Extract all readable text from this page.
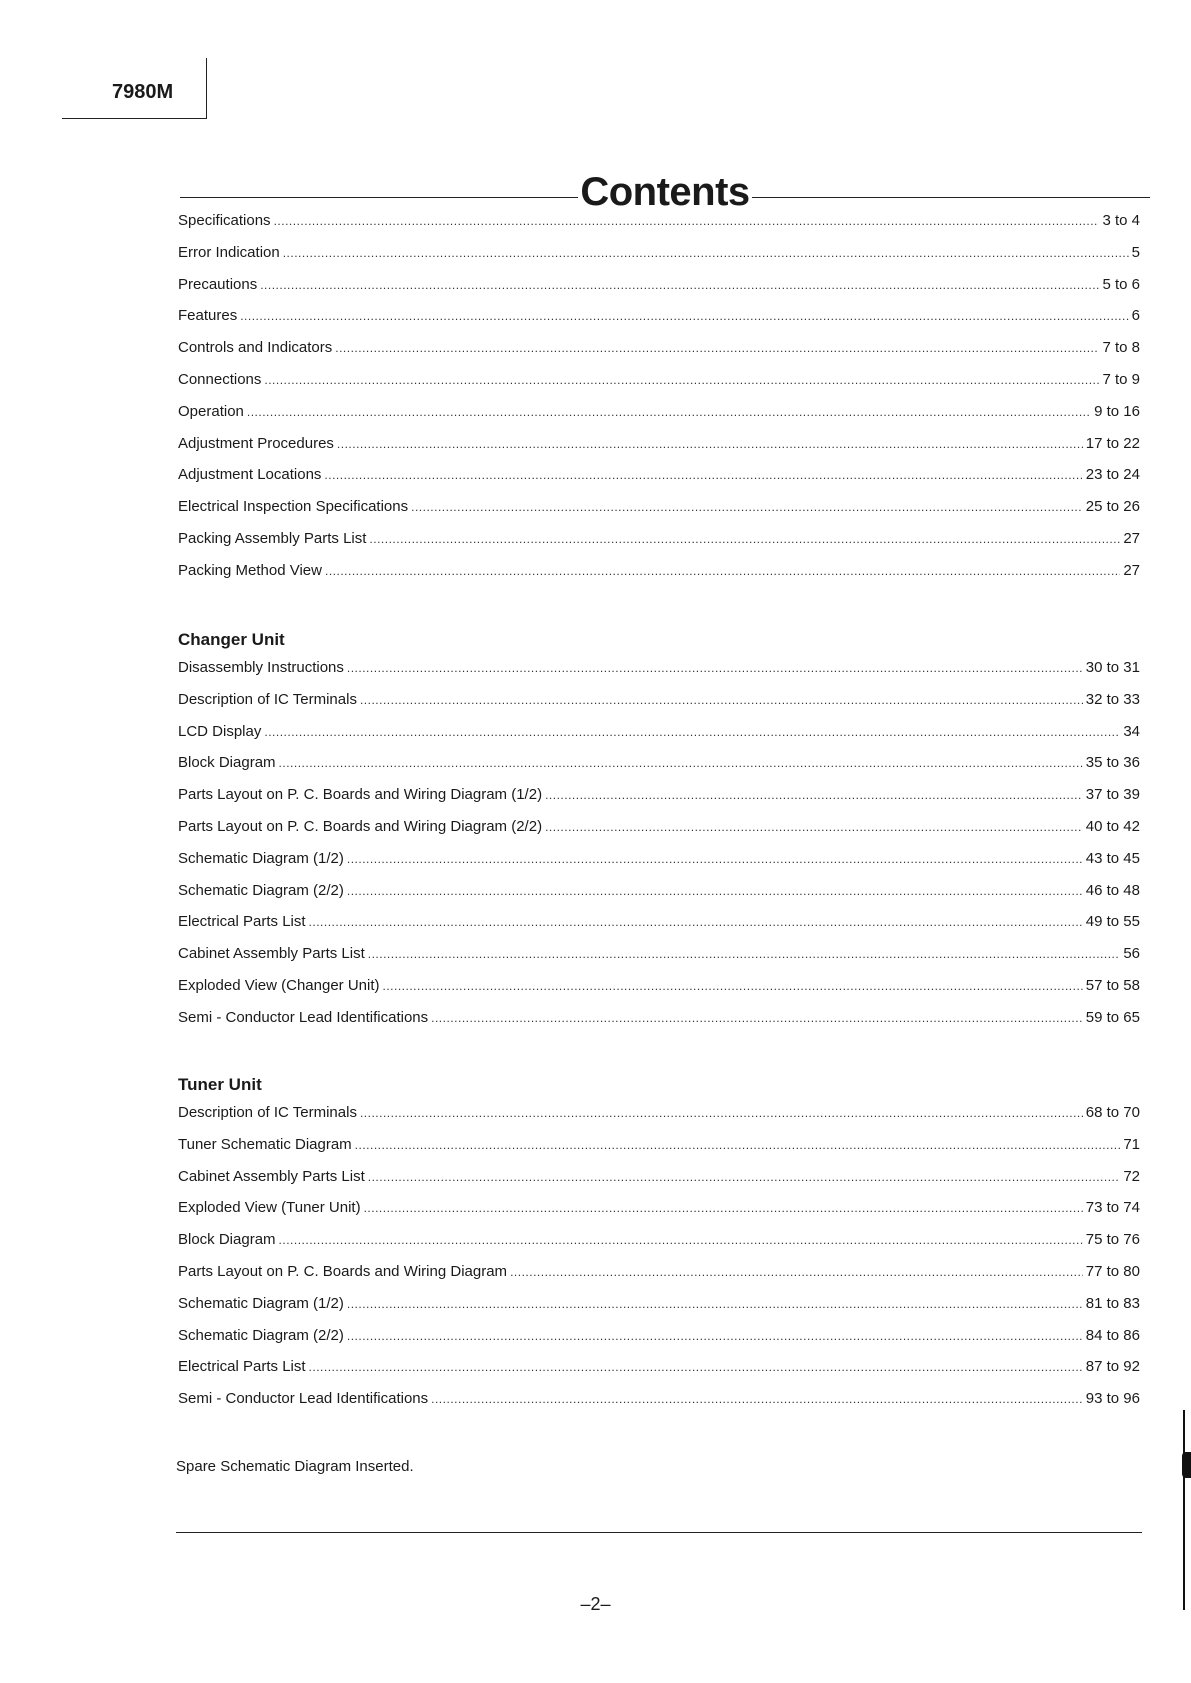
7980M
Contents
Specifications .....	3 to 4
Error Indication .....	5
Precautions .....	5 to 6
Features .....	6
Controls and Indicators .....	7 to 8
Connections .....	7 to 9
Operation .....	9 to 16
Adjustment Procedures .....	17 to 22
Adjustment Locations .....	23 to 24
Electrical Inspection Specifications .....	25 to 26
Packing Assembly Parts List .....	27
Packing Method View .....	27
Changer Unit
Disassembly Instructions .....	30 to 31
Description of IC Terminals .....	32 to 33
LCD Display .....	34
Block Diagram .....	35 to 36
Parts Layout on P. C. Boards and Wiring Diagram (1/2) .....	37 to 39
Parts Layout on P. C. Boards and Wiring Diagram (2/2) .....	40 to 42
Schematic Diagram (1/2) .....	43 to 45
Schematic Diagram (2/2) .....	46 to 48
Electrical Parts List .....	49 to 55
Cabinet Assembly Parts List .....	56
Exploded View (Changer Unit) .....	57 to 58
Semi - Conductor Lead Identifications .....	59 to 65
Tuner Unit
Description of IC Terminals .....	68 to 70
Tuner Schematic Diagram .....	71
Cabinet Assembly Parts List .....	72
Exploded View (Tuner Unit) .....	73 to 74
Block Diagram .....	75 to 76
Parts Layout on P. C. Boards and Wiring Diagram .....	77 to 80
Schematic Diagram (1/2) .....	81 to 83
Schematic Diagram (2/2) .....	84 to 86
Electrical Parts List .....	87 to 92
Semi - Conductor Lead Identifications .....	93 to 96
Spare Schematic Diagram Inserted.
–2–
